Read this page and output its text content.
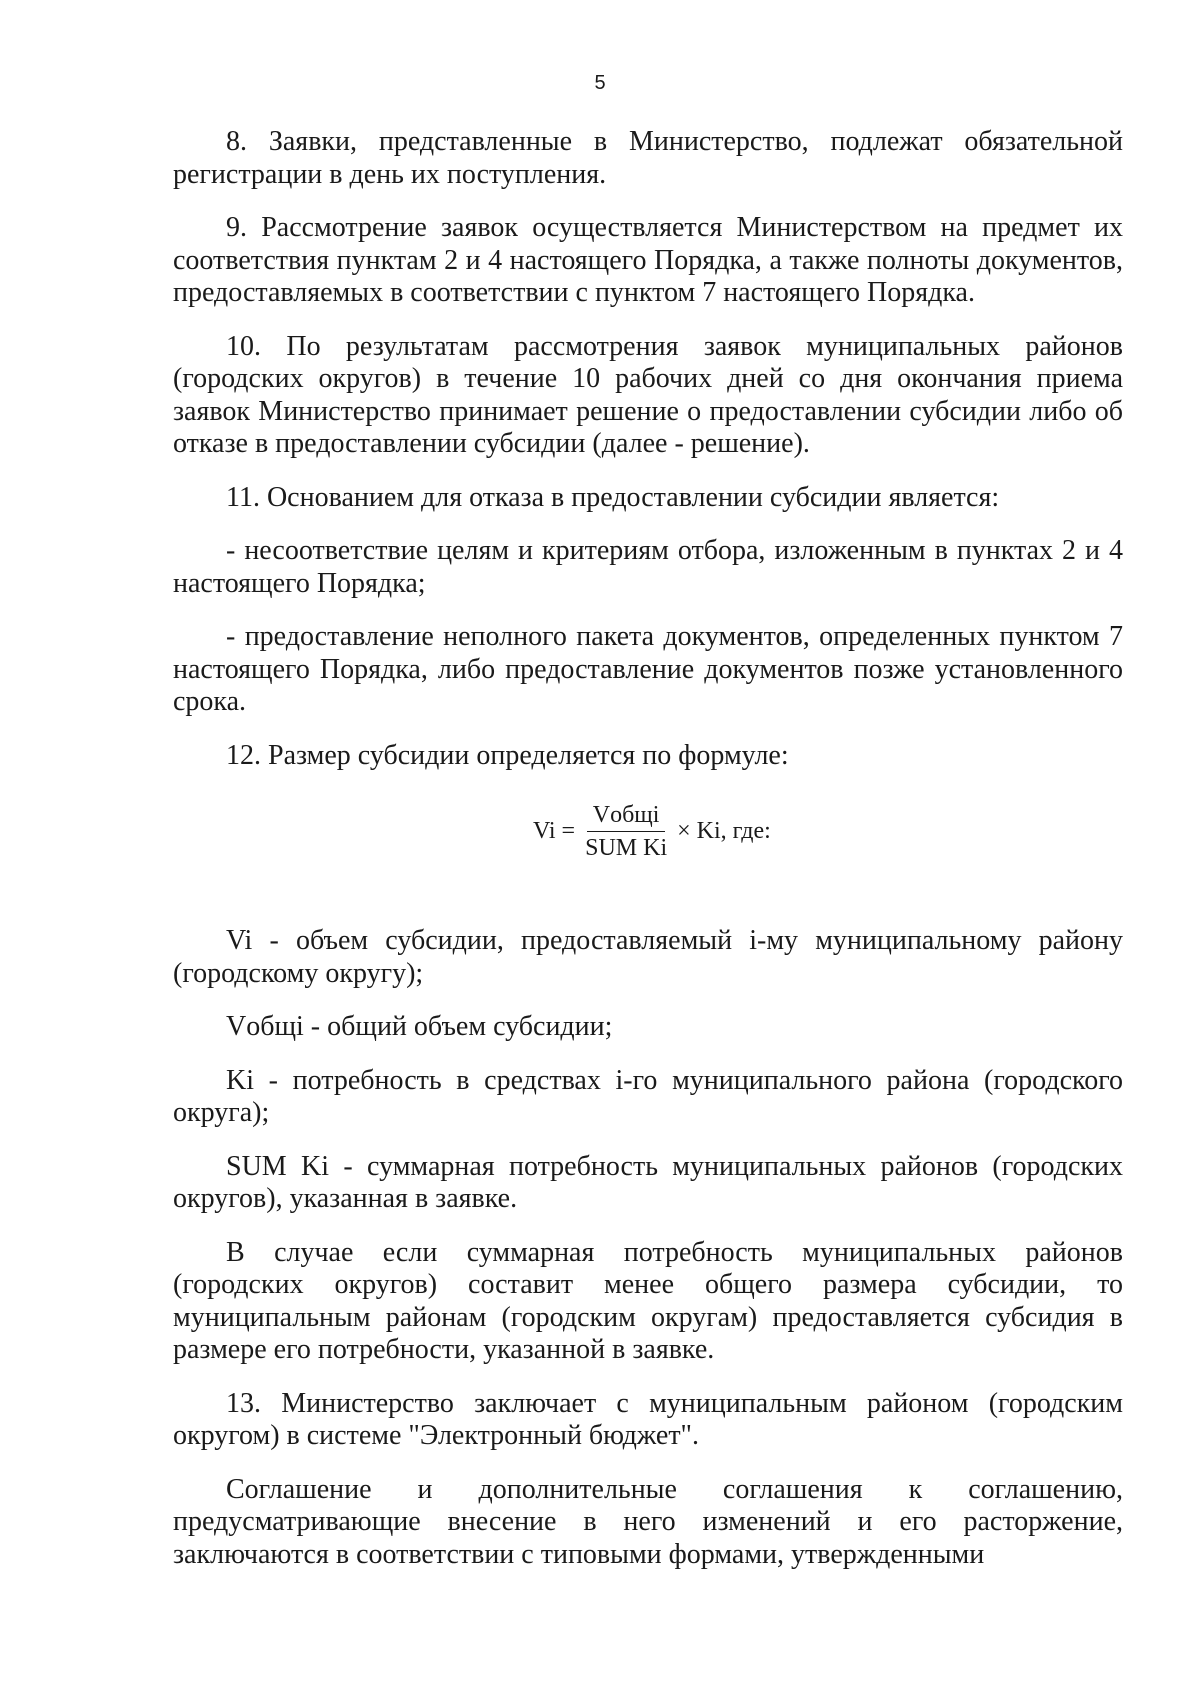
5

8. Заявки, представленные в Министерство, подлежат обязательной регистрации в день их поступления.

9. Рассмотрение заявок осуществляется Министерством на предмет их соответствия пунктам 2 и 4 настоящего Порядка, а также полноты документов, предоставляемых в соответствии с пунктом 7 настоящего Порядка.

10. По результатам рассмотрения заявок муниципальных районов (городских округов) в течение 10 рабочих дней со дня окончания приема заявок Министерство принимает решение о предоставлении субсидии либо об отказе в предоставлении субсидии (далее - решение).

11. Основанием для отказа в предоставлении субсидии является:

- несоответствие целям и критериям отбора, изложенным в пунктах 2 и 4 настоящего Порядка;

- предоставление неполного пакета документов, определенных пунктом 7 настоящего Порядка, либо предоставление документов позже установленного срока.

12. Размер субсидии определяется по формуле:

$Vi = \frac{\text{Vобщі}}{\text{SUM Ki}} \times Ki$, где:

Vi - объем субсидии, предоставляемый i-му муниципальному району (городскому округу);

Vобщі - общий объем субсидии;

Ki - потребность в средствах i-го муниципального района (городского округа);

SUM Ki - суммарная потребность муниципальных районов (городских округов), указанная в заявке.

В случае если суммарная потребность муниципальных районов (городских округов) составит менее общего размера субсидии, то муниципальным районам (городским округам) предоставляется субсидия в размере его потребности, указанной в заявке.

13. Министерство заключает с муниципальным районом (городским округом) в системе "Электронный бюджет".

Соглашение и дополнительные соглашения к соглашению, предусматривающие внесение в него изменений и его расторжение, заключаются в соответствии с типовыми формами, утвержденными
